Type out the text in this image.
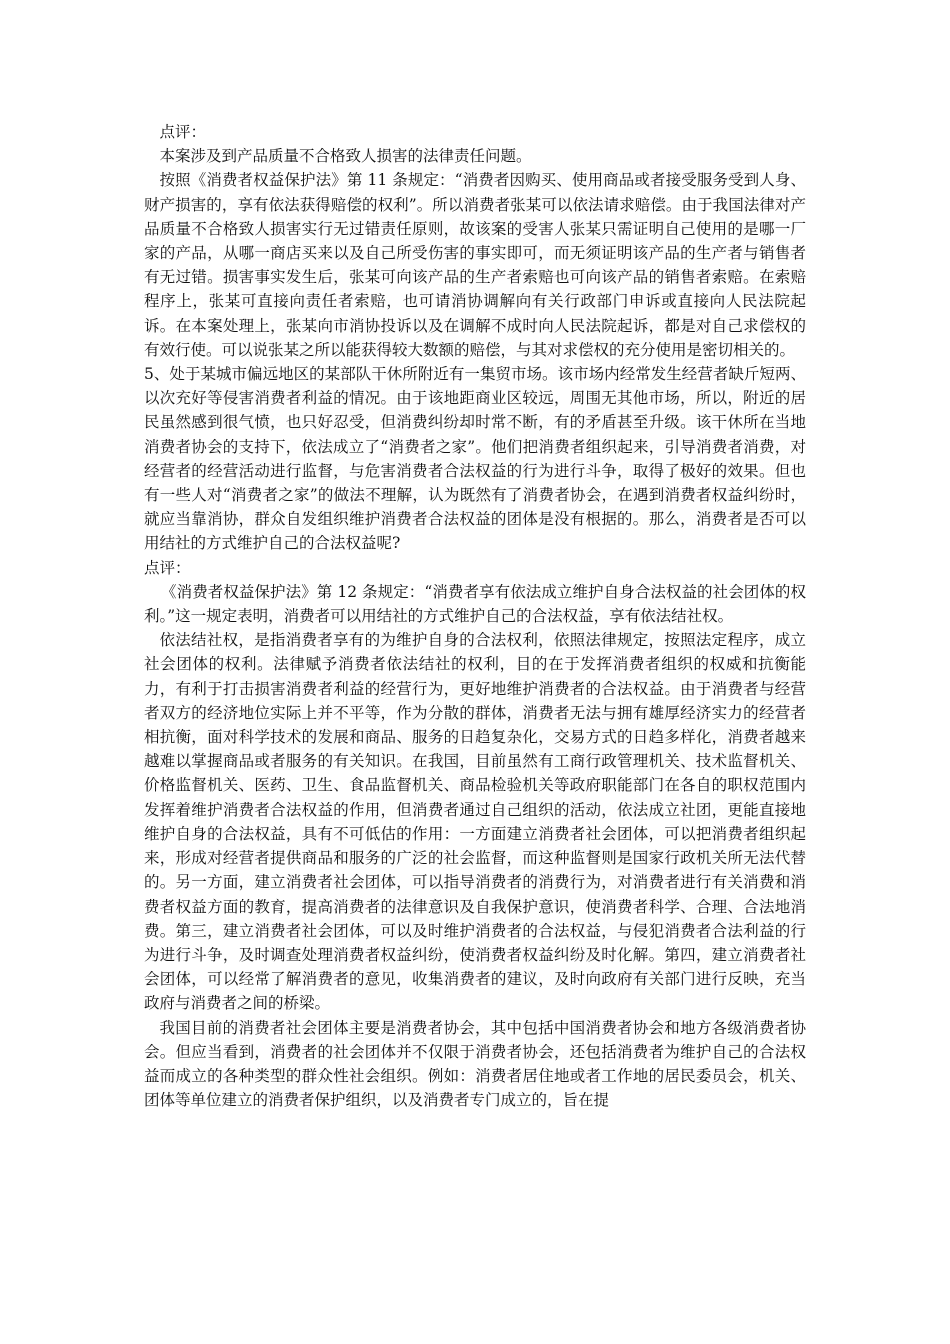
点评：

本案涉及到产品质量不合格致人损害的法律责任问题。

按照《消费者权益保护法》第 11 条规定：“消费者因购买、使用商品或者接受服务受到人身、财产损害的，享有依法获得赔偿的权利”。所以消费者张某可以依法请求赔偿。由于我国法律对产品质量不合格致人损害实行无过错责任原则，故该案的受害人张某只需证明自己使用的是哪一厂家的产品，从哪一商店买来以及自己所受伤害的事实即可，而无须证明该产品的生产者与销售者有无过错。损害事实发生后，张某可向该产品的生产者索赔也可向该产品的销售者索赔。在索赔程序上，张某可直接向责任者索赔，也可请消协调解向有关行政部门申诉或直接向人民法院起诉。在本案处理上，张某向市消协投诉以及在调解不成时向人民法院起诉，都是对自己求偿权的有效行使。可以说张某之所以能获得较大数额的赔偿，与其对求偿权的充分使用是密切相关的。

5、处于某城市偏远地区的某部队干休所附近有一集贸市场。该市场内经常发生经营者缺斤短两、以次充好等侵害消费者利益的情况。由于该地距商业区较远，周围无其他市场，所以，附近的居民虽然感到很气愤，也只好忍受，但消费纠纷却时常不断，有的矛盾甚至升级。该干休所在当地消费者协会的支持下，依法成立了“消费者之家”。他们把消费者组织起来，引导消费者消费，对经营者的经营活动进行监督，与危害消费者合法权益的行为进行斗争，取得了极好的效果。但也有一些人对“消费者之家”的做法不理解，认为既然有了消费者协会，在遇到消费者权益纠纷时，就应当靠消协，群众自发组织维护消费者合法权益的团体是没有根据的。那么，消费者是否可以用结社的方式维护自己的合法权益呢?

点评：

《消费者权益保护法》第 12 条规定：“消费者享有依法成立维护自身合法权益的社会团体的权利。”这一规定表明，消费者可以用结社的方式维护自己的合法权益，享有依法结社权。

依法结社权，是指消费者享有的为维护自身的合法权利，依照法律规定，按照法定程序，成立社会团体的权利。法律赋予消费者依法结社的权利，目的在于发挥消费者组织的权威和抗衡能力，有利于打击损害消费者利益的经营行为，更好地维护消费者的合法权益。由于消费者与经营者双方的经济地位实际上并不平等，作为分散的群体，消费者无法与拥有雄厚经济实力的经营者相抗衡，面对科学技术的发展和商品、服务的日趋复杂化，交易方式的日趋多样化，消费者越来越难以掌握商品或者服务的有关知识。在我国，目前虽然有工商行政管理机关、技术监督机关、价格监督机关、医药、卫生、食品监督机关、商品检验机关等政府职能部门在各自的职权范围内发挥着维护消费者合法权益的作用，但消费者通过自己组织的活动，依法成立社团，更能直接地维护自身的合法权益，具有不可低估的作用：一方面建立消费者社会团体，可以把消费者组织起来，形成对经营者提供商品和服务的广泛的社会监督，而这种监督则是国家行政机关所无法代替的。另一方面，建立消费者社会团体，可以指导消费者的消费行为，对消费者进行有关消费和消费者权益方面的教育，提高消费者的法律意识及自我保护意识，使消费者科学、合理、合法地消费。第三，建立消费者社会团体，可以及时维护消费者的合法权益，与侵犯消费者合法利益的行为进行斗争，及时调查处理消费者权益纠纷，使消费者权益纠纷及时化解。第四，建立消费者社会团体，可以经常了解消费者的意见，收集消费者的建议，及时向政府有关部门进行反映，充当政府与消费者之间的桥梁。

我国目前的消费者社会团体主要是消费者协会，其中包括中国消费者协会和地方各级消费者协会。但应当看到，消费者的社会团体并不仅限于消费者协会，还包括消费者为维护自己的合法权益而成立的各种类型的群众性社会组织。例如：消费者居住地或者工作地的居民委员会，机关、团体等单位建立的消费者保护组织，以及消费者专门成立的，旨在提
